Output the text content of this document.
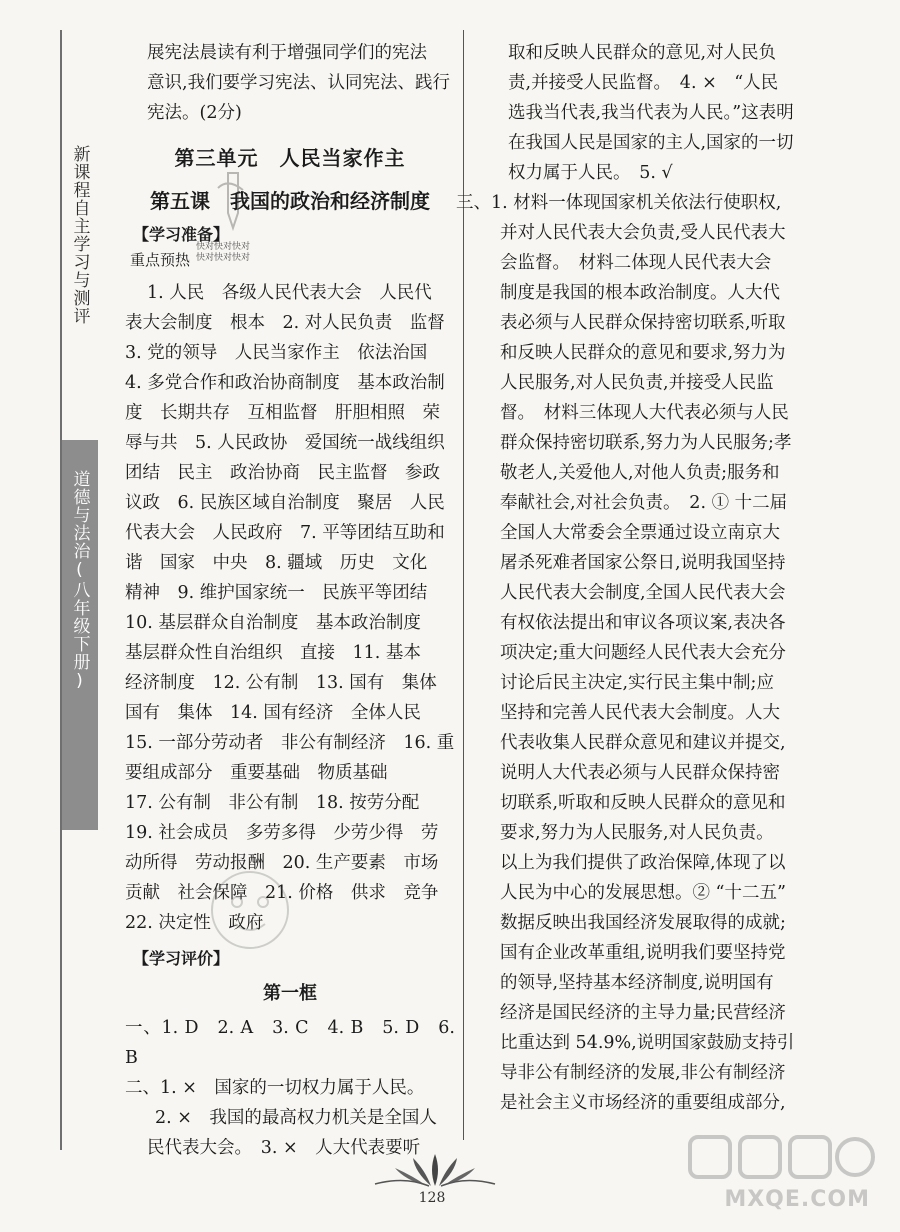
新课程自主学习与测评
道德与法治(八年级下册)

展宪法晨读有利于增强同学们的宪法

意识,我们要学习宪法、认同宪法、践行

宪法。(2分)

第三单元　人民当家作主
第五课　我国的政治和经济制度
【学习准备】
重点预热

1. 人民　各级人民代表大会　人民代

表大会制度　根本　2. 对人民负责　监督

3. 党的领导　人民当家作主　依法治国

4. 多党合作和政治协商制度　基本政治制

度　长期共存　互相监督　肝胆相照　荣

辱与共　5. 人民政协　爱国统一战线组织

团结　民主　政治协商　民主监督　参政

议政　6. 民族区域自治制度　聚居　人民

代表大会　人民政府　7. 平等团结互助和

谐　国家　中央　8. 疆域　历史　文化

精神　9. 维护国家统一　民族平等团结

10. 基层群众自治制度　基本政治制度

基层群众性自治组织　直接　11. 基本

经济制度　12. 公有制　13. 国有　集体

国有　集体　14. 国有经济　全体人民

15. 一部分劳动者　非公有制经济　16. 重

要组成部分　重要基础　物质基础

17. 公有制　非公有制　18. 按劳分配

19. 社会成员　多劳多得　少劳少得　劳

动所得　劳动报酬　20. 生产要素　市场

贡献　社会保障　21. 价格　供求　竞争

22. 决定性　政府

【学习评价】
第一框

一、1. D　2. A　3. C　4. B　5. D　6. B

二、1. ×　国家的一切权力属于人民。

2. ×　我国的最高权力机关是全国人

民代表大会。　3. ×　人大代表要听

快对快对快对
快对快对快对

取和反映人民群众的意见,对人民负

责,并接受人民监督。　4. ×　“人民

选我当代表,我当代表为人民。”这表明

在我国人民是国家的主人,国家的一切

权力属于人民。　5. √

三、1. 材料一体现国家机关依法行使职权,

并对人民代表大会负责,受人民代表大

会监督。　材料二体现人民代表大会

制度是我国的根本政治制度。人大代

表必须与人民群众保持密切联系,听取

和反映人民群众的意见和要求,努力为

人民服务,对人民负责,并接受人民监

督。　材料三体现人大代表必须与人民

群众保持密切联系,努力为人民服务;孝

敬老人,关爱他人,对他人负责;服务和

奉献社会,对社会负责。　2. ① 十二届

全国人大常委会全票通过设立南京大

屠杀死难者国家公祭日,说明我国坚持

人民代表大会制度,全国人民代表大会

有权依法提出和审议各项议案,表决各

项决定;重大问题经人民代表大会充分

讨论后民主决定,实行民主集中制;应

坚持和完善人民代表大会制度。人大

代表收集人民群众意见和建议并提交,

说明人大代表必须与人民群众保持密

切联系,听取和反映人民群众的意见和

要求,努力为人民服务,对人民负责。

以上为我们提供了政治保障,体现了以

人民为中心的发展思想。② “十二五”

数据反映出我国经济发展取得的成就;

国有企业改革重组,说明我们要坚持党

的领导,坚持基本经济制度,说明国有

经济是国民经济的主导力量;民营经济

比重达到 54.9%,说明国家鼓励支持引

导非公有制经济的发展,非公有制经济

是社会主义市场经济的重要组成部分,

128	MXQE.COM
